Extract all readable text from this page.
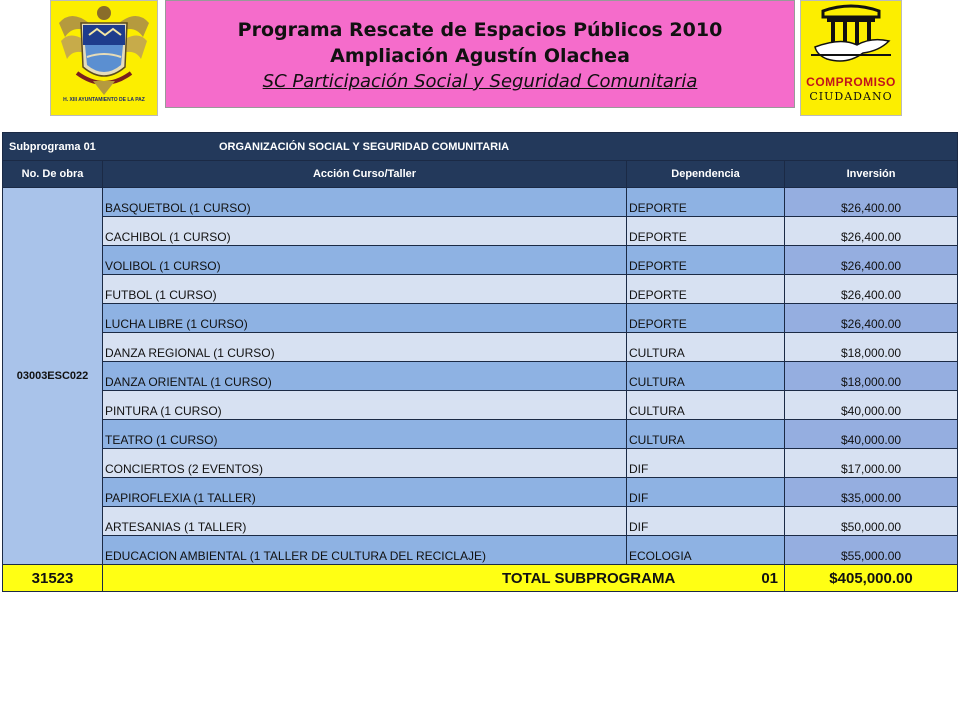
H. XIII AYUNTAMIENTO DE LA PAZ
Programa Rescate de Espacios Públicos 2010
Ampliación Agustín Olachea
SC Participación Social y Seguridad Comunitaria	COMPROMISO
CIUDADANO
Subprograma 01 ORGANIZACIÓN SOCIAL Y SEGURIDAD COMUNITARIA			
No. De obra	Acción Curso/Taller	Dependencia	Inversión
03003ESC022	BASQUETBOL (1 CURSO)	DEPORTE	$26,400.00
	CACHIBOL (1 CURSO)	DEPORTE	$26,400.00
	VOLIBOL (1 CURSO)	DEPORTE	$26,400.00
	FUTBOL (1 CURSO)	DEPORTE	$26,400.00
	LUCHA LIBRE (1 CURSO)	DEPORTE	$26,400.00
	DANZA REGIONAL (1 CURSO)	CULTURA	$18,000.00
	DANZA ORIENTAL (1 CURSO)	CULTURA	$18,000.00
	PINTURA (1 CURSO)	CULTURA	$40,000.00
	TEATRO (1 CURSO)	CULTURA	$40,000.00
	CONCIERTOS (2 EVENTOS)	DIF	$17,000.00
	PAPIROFLEXIA (1 TALLER)	DIF	$35,000.00
	ARTESANIAS (1 TALLER)	DIF	$50,000.00
	EDUCACION AMBIENTAL (1 TALLER DE CULTURA DEL RECICLAJE)	ECOLOGIA	$55,000.00
31523	TOTAL SUBPROGRAMA 01		$405,000.00
